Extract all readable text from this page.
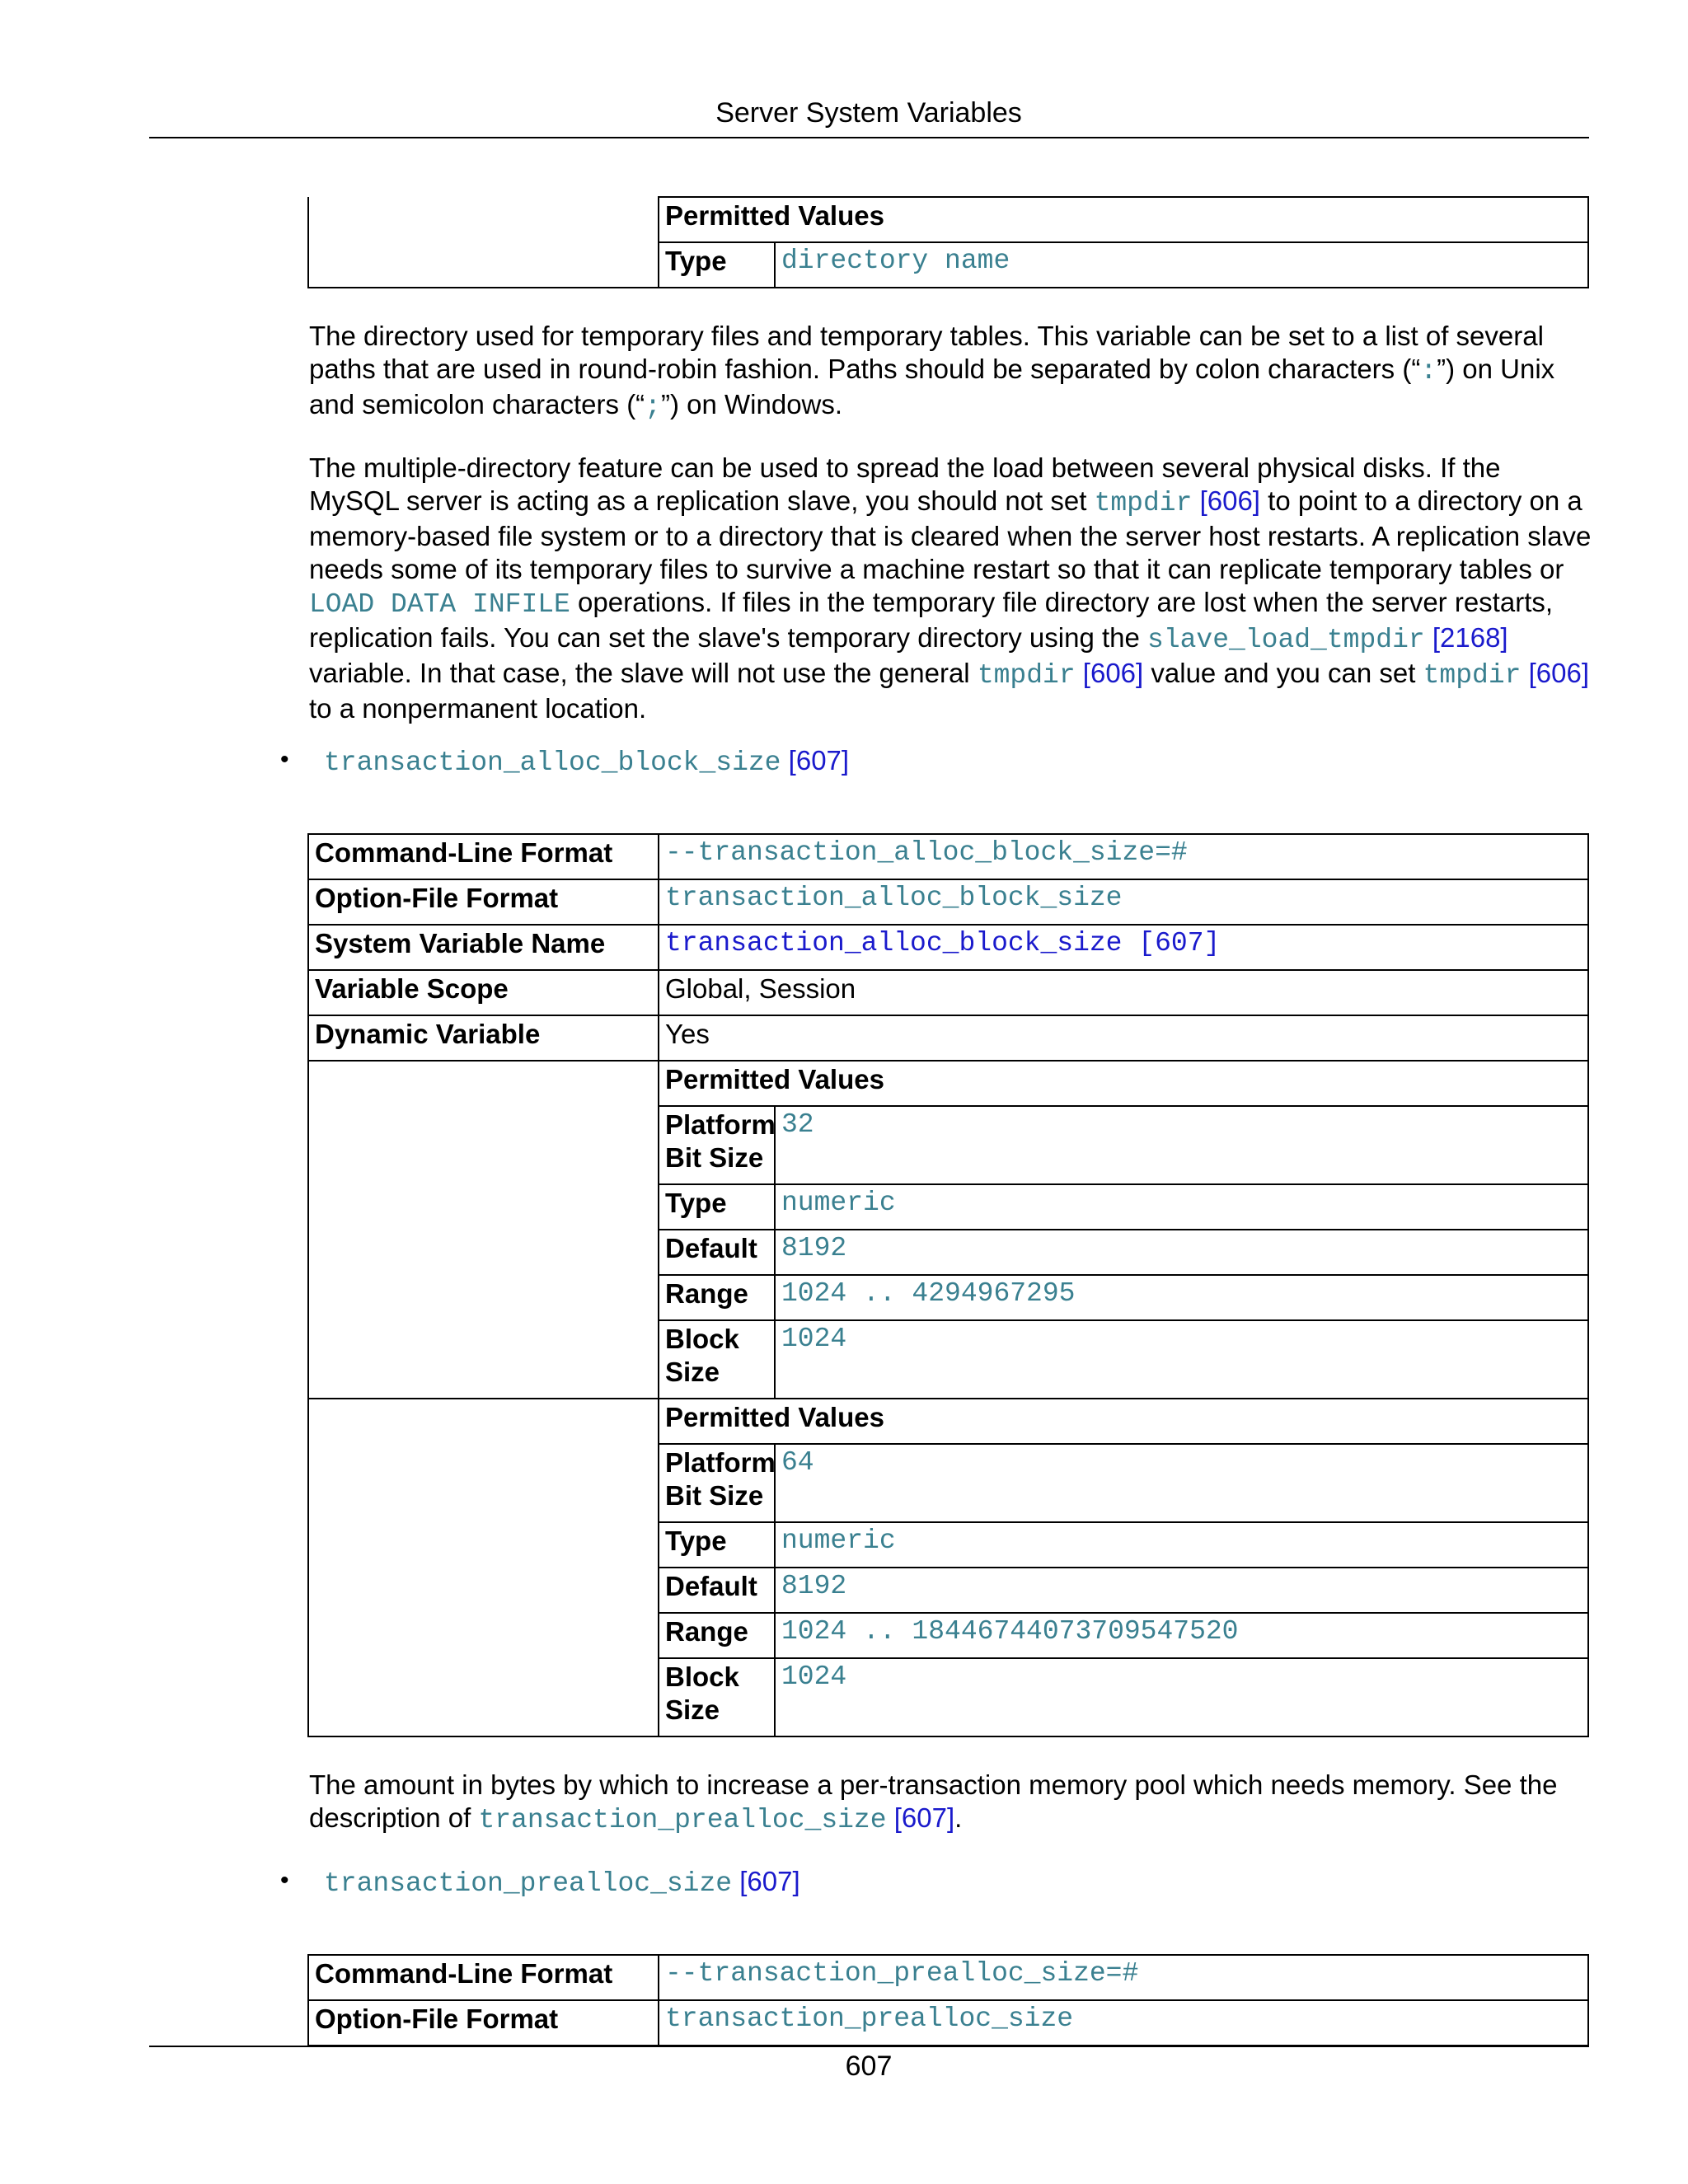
Server System Variables
	Permitted Values	
	Type	directory name

The directory used for temporary files and temporary tables. This variable can be set to a list of several paths that are used in round-robin fashion. Paths should be separated by colon characters (“:”) on Unix and semicolon characters (“;”) on Windows.

The multiple-directory feature can be used to spread the load between several physical disks. If the MySQL server is acting as a replication slave, you should not set tmpdir [606] to point to a directory on a memory-based file system or to a directory that is cleared when the server host restarts. A replication slave needs some of its temporary files to survive a machine restart so that it can replicate temporary tables or LOAD DATA INFILE operations. If files in the temporary file directory are lost when the server restarts, replication fails. You can set the slave's temporary directory using the slave_load_tmpdir [2168] variable. In that case, the slave will not use the general tmpdir [606] value and you can set tmpdir [606] to a nonpermanent location.

• transaction_alloc_block_size [607]
Command-Line Format	--transaction_alloc_block_size=#	
Option-File Format	transaction_alloc_block_size	
System Variable Name	transaction_alloc_block_size [607]	
Variable Scope	Global, Session	
Dynamic Variable	Yes	
	Permitted Values	
	Platform Bit Size	32
	Type	numeric
	Default	8192
	Range	1024 .. 4294967295
	Block Size	1024
	Permitted Values	
	Platform Bit Size	64
	Type	numeric
	Default	8192
	Range	1024 .. 18446744073709547520
	Block Size	1024

The amount in bytes by which to increase a per-transaction memory pool which needs memory. See the description of transaction_prealloc_size [607].

• transaction_prealloc_size [607]
Command-Line Format	--transaction_prealloc_size=#
Option-File Format	transaction_prealloc_size
607
